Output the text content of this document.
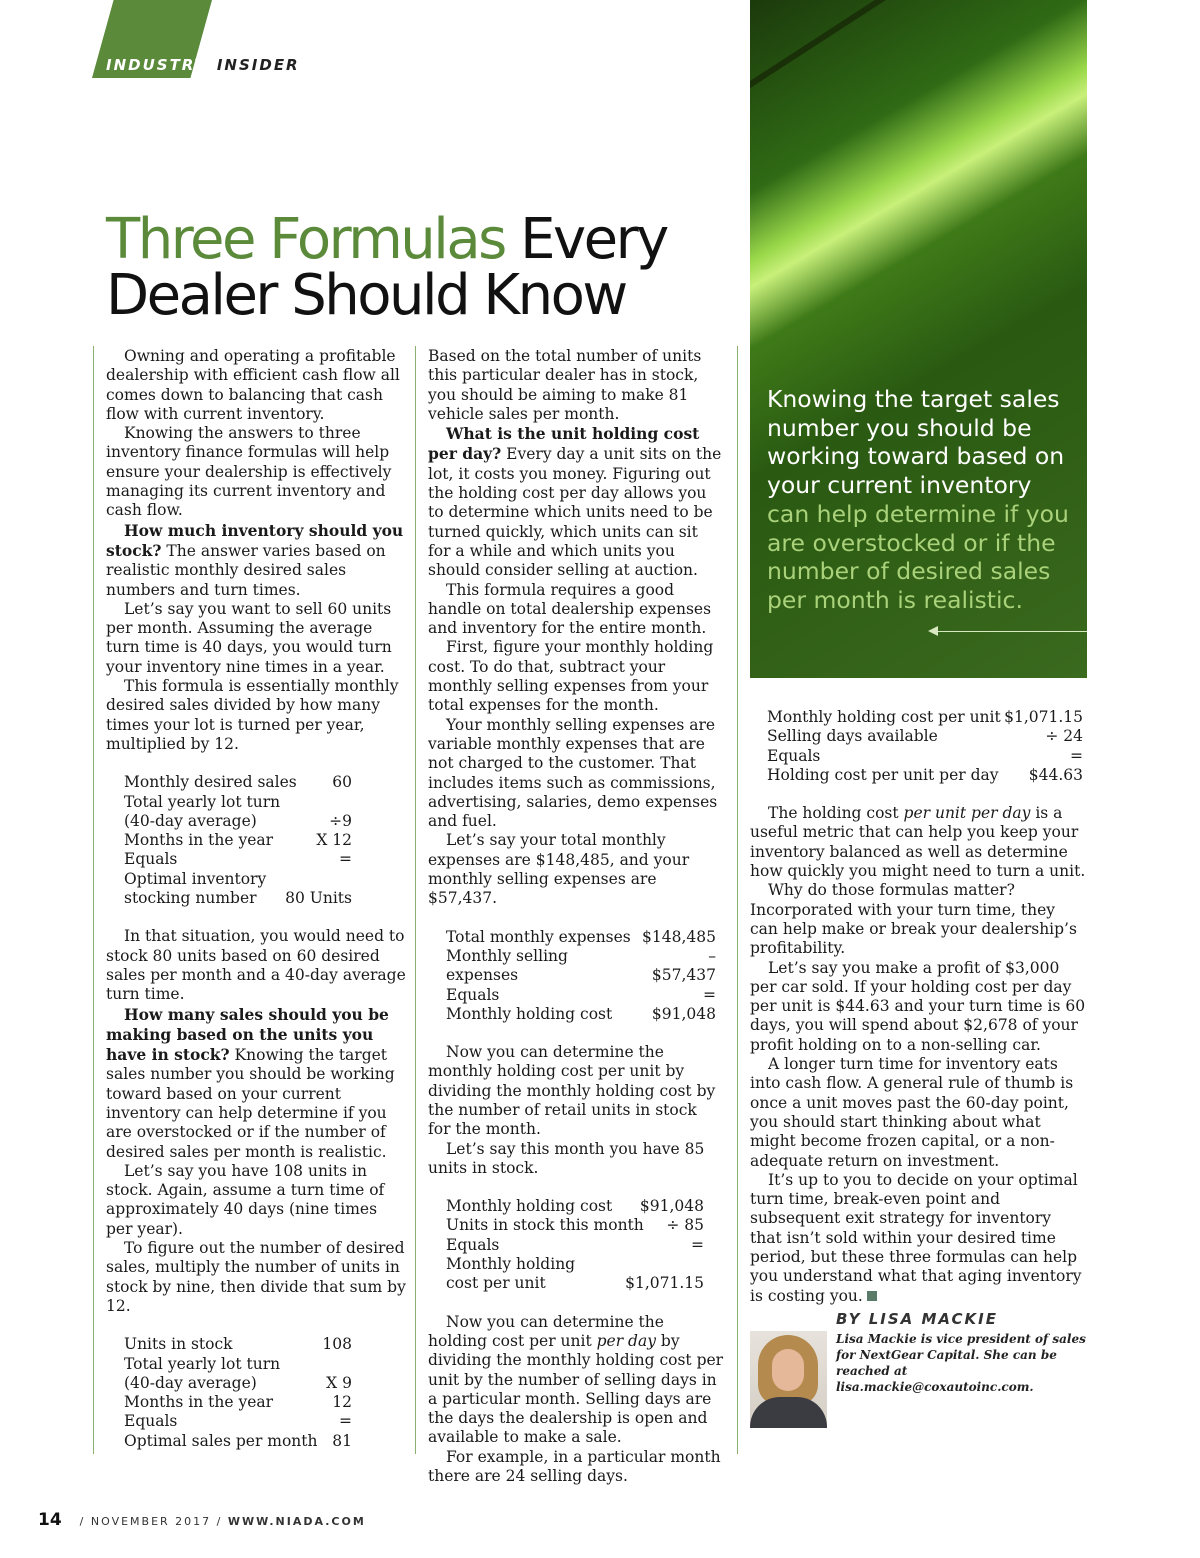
INDUSTRY INSIDER
Three Formulas Every
Dealer Should Know

Owning and operating a profitable dealership with efficient cash flow all comes down to balancing that cash flow with current inventory.

Knowing the answers to three inventory finance formulas will help ensure your dealership is effectively managing its current inventory and cash flow.

How much inventory should you stock? The answer varies based on realistic monthly desired sales numbers and turn times.

Let’s say you want to sell 60 units per month. Assuming the average turn time is 40 days, you would turn your inventory nine times in a year.

This formula is essentially monthly desired sales divided by how many times your lot is turned per year, multiplied by 12.

Monthly desired sales 60
Total yearly lot turn
(40-day average)	÷9
Months in the year	X 12
Equals	=
Optimal inventory
stocking number 80 Units

In that situation, you would need to stock 80 units based on 60 desired sales per month and a 40-day average turn time.

How many sales should you be making based on the units you have in stock? Knowing the target sales number you should be working toward based on your current inventory can help determine if you are overstocked or if the number of desired sales per month is realistic.

Let’s say you have 108 units in stock. Again, assume a turn time of approximately 40 days (nine times per year).

To figure out the number of desired sales, multiply the number of units in stock by nine, then divide that sum by 12.

Units in stock	108
Total yearly lot turn
(40-day average)	X 9
Months in the year	12
Equals	=
Optimal sales per month 81

Based on the total number of units this particular dealer has in stock, you should be aiming to make 81 vehicle sales per month.

What is the unit holding cost per day? Every day a unit sits on the lot, it costs you money. Figuring out the holding cost per day allows you to determine which units need to be turned quickly, which units can sit for a while and which units you should consider selling at auction.

This formula requires a good handle on total dealership expenses and inventory for the entire month.

First, figure your monthly holding cost. To do that, subtract your monthly selling expenses from your total expenses for the month.

Your monthly selling expenses are variable monthly expenses that are not charged to the customer. That includes items such as commissions, advertising, salaries, demo expenses and fuel.

Let’s say your total monthly expenses are $148,485, and your monthly selling expenses are $57,437.

Total monthly expenses $148,485
Monthly selling expenses
– $57,437
Equals	=
Monthly holding cost	$91,048

Now you can determine the monthly holding cost per unit by dividing the monthly holding cost by the number of retail units in stock for the month.

Let’s say this month you have 85 units in stock.

Monthly holding cost $91,048
Units in stock this month ÷ 85
Equals	=
Monthly holding
cost per unit	$1,071.15

Now you can determine the holding cost per unit per day by dividing the monthly holding cost per unit by the number of selling days in a particular month. Selling days are the days the dealership is open and available to make a sale.

For example, in a particular month there are 24 selling days.

Knowing the target sales number you should be working toward based on your current inventory can help determine if you are overstocked or if the number of desired sales per month is realistic.
Monthly holding cost per unit $1,071.15
Selling days available	÷ 24
Equals	=
Holding cost per unit per day $44.63

The holding cost per unit per day is a useful metric that can help you keep your inventory balanced as well as determine how quickly you might need to turn a unit.

Why do those formulas matter? Incorporated with your turn time, they can help make or break your dealership’s profitability.

Let’s say you make a profit of $3,000 per car sold. If your holding cost per day per unit is $44.63 and your turn time is 60 days, you will spend about $2,678 of your profit holding on to a non-selling car.

A longer turn time for inventory eats into cash flow. A general rule of thumb is once a unit moves past the 60-day point, you should start thinking about what might become frozen capital, or a non-adequate return on investment.

It’s up to you to decide on your optimal turn time, break-even point and subsequent exit strategy for inventory that isn’t sold within your desired time period, but these three formulas can help you understand what that aging inventory is costing you.

BY LISA MACKIE
Lisa Mackie is vice president of sales for NextGear Capital. She can be reached at lisa.mackie@coxautoinc.com.
14 / NOVEMBER 2017 / WWW.NIADA.COM
